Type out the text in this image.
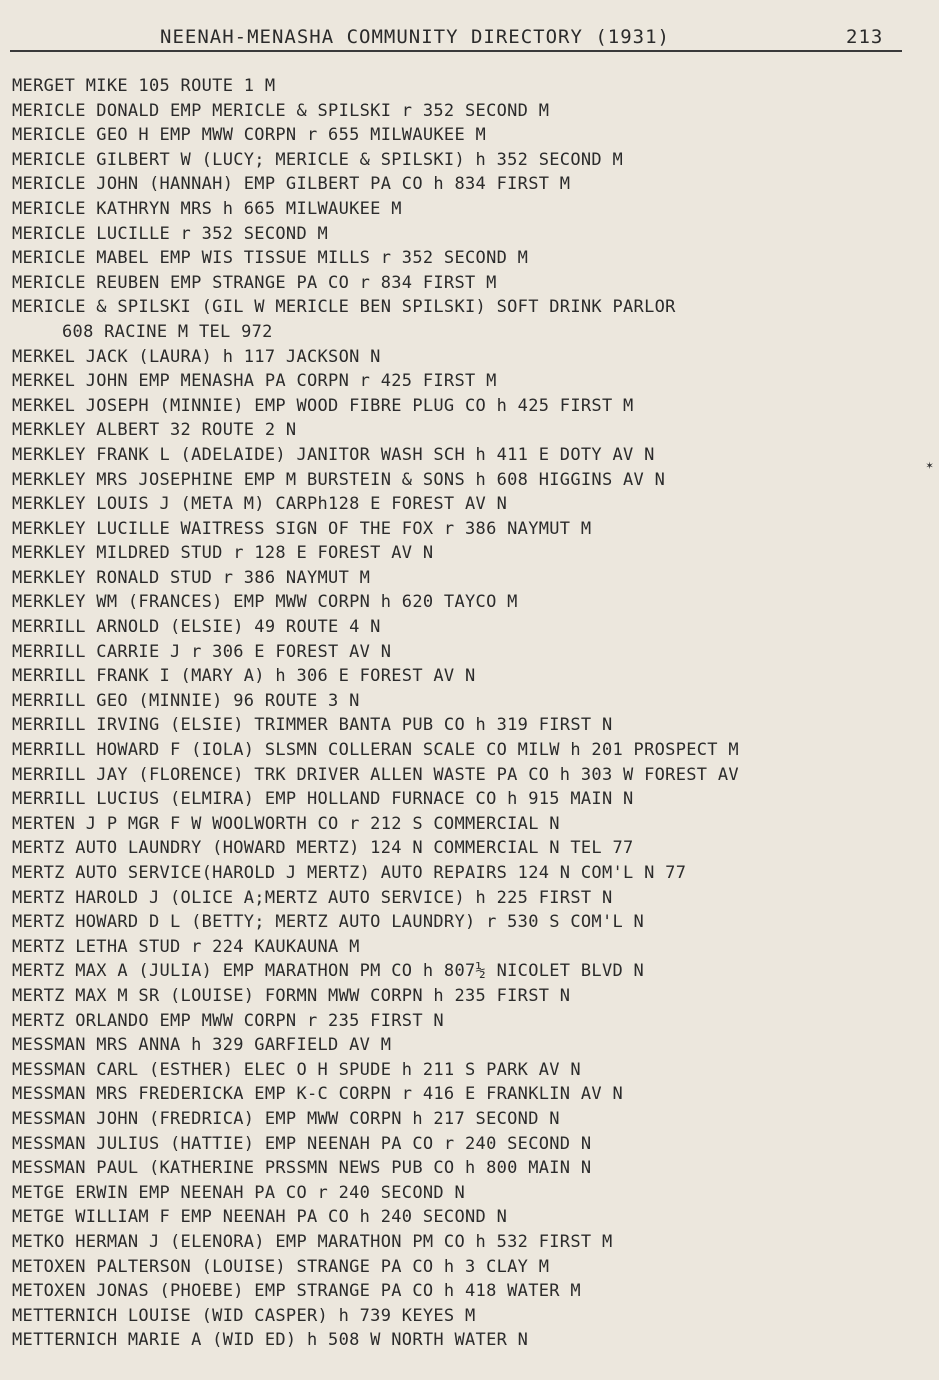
NEENAH-MENASHA COMMUNITY DIRECTORY (1931)	213
MERGET MIKE 105 ROUTE 1 M
MERICLE DONALD EMP MERICLE & SPILSKI r 352 SECOND M
MERICLE GEO H EMP MWW CORPN r 655 MILWAUKEE M
MERICLE GILBERT W (LUCY; MERICLE & SPILSKI) h 352 SECOND M
MERICLE JOHN (HANNAH) EMP GILBERT PA CO h 834 FIRST M
MERICLE KATHRYN MRS h 665 MILWAUKEE M
MERICLE LUCILLE r 352 SECOND M
MERICLE MABEL EMP WIS TISSUE MILLS r 352 SECOND M
MERICLE REUBEN EMP STRANGE PA CO r 834 FIRST M
MERICLE & SPILSKI (GIL W MERICLE BEN SPILSKI) SOFT DRINK PARLOR
608 RACINE M TEL 972
MERKEL JACK (LAURA) h 117 JACKSON N
MERKEL JOHN EMP MENASHA PA CORPN r 425 FIRST M
MERKEL JOSEPH (MINNIE) EMP WOOD FIBRE PLUG CO h 425 FIRST M
MERKLEY ALBERT 32 ROUTE 2 N
MERKLEY FRANK L (ADELAIDE) JANITOR WASH SCH h 411 E DOTY AV N
MERKLEY MRS JOSEPHINE EMP M BURSTEIN & SONS h 608 HIGGINS AV N
MERKLEY LOUIS J (META M) CARPh128 E FOREST AV N
MERKLEY LUCILLE WAITRESS SIGN OF THE FOX r 386 NAYMUT M
MERKLEY MILDRED STUD r 128 E FOREST AV N
MERKLEY RONALD STUD r 386 NAYMUT M
MERKLEY WM (FRANCES) EMP MWW CORPN h 620 TAYCO M
MERRILL ARNOLD (ELSIE) 49 ROUTE 4 N
MERRILL CARRIE J r 306 E FOREST AV N
MERRILL FRANK I (MARY A) h 306 E FOREST AV N
MERRILL GEO (MINNIE) 96 ROUTE 3 N
MERRILL IRVING (ELSIE) TRIMMER BANTA PUB CO h 319 FIRST N
MERRILL HOWARD F (IOLA) SLSMN COLLERAN SCALE CO MILW h 201 PROSPECT M
MERRILL JAY (FLORENCE) TRK DRIVER ALLEN WASTE PA CO h 303 W FOREST AV
MERRILL LUCIUS (ELMIRA) EMP HOLLAND FURNACE CO h 915 MAIN N
MERTEN J P MGR F W WOOLWORTH CO r 212 S COMMERCIAL N
MERTZ AUTO LAUNDRY (HOWARD MERTZ) 124 N COMMERCIAL N TEL 77
MERTZ AUTO SERVICE(HAROLD J MERTZ) AUTO REPAIRS 124 N COM'L N 77
MERTZ HAROLD J (OLICE A;MERTZ AUTO SERVICE) h 225 FIRST N
MERTZ HOWARD D L (BETTY; MERTZ AUTO LAUNDRY) r 530 S COM'L N
MERTZ LETHA STUD r 224 KAUKAUNA M
MERTZ MAX A (JULIA) EMP MARATHON PM CO h 807½ NICOLET BLVD N
MERTZ MAX M SR (LOUISE) FORMN MWW CORPN h 235 FIRST N
MERTZ ORLANDO EMP MWW CORPN r 235 FIRST N
MESSMAN MRS ANNA h 329 GARFIELD AV M
MESSMAN CARL (ESTHER) ELEC O H SPUDE h 211 S PARK AV N
MESSMAN MRS FREDERICKA EMP K-C CORPN r 416 E FRANKLIN AV N
MESSMAN JOHN (FREDRICA) EMP MWW CORPN h 217 SECOND N
MESSMAN JULIUS (HATTIE) EMP NEENAH PA CO r 240 SECOND N
MESSMAN PAUL (KATHERINE PRSSMN NEWS PUB CO h 800 MAIN N
METGE ERWIN EMP NEENAH PA CO r 240 SECOND N
METGE WILLIAM F EMP NEENAH PA CO h 240 SECOND N
METKO HERMAN J (ELENORA) EMP MARATHON PM CO h 532 FIRST M
METOXEN PALTERSON (LOUISE) STRANGE PA CO h 3 CLAY M
METOXEN JONAS (PHOEBE) EMP STRANGE PA CO h 418 WATER M
METTERNICH LOUISE (WID CASPER) h 739 KEYES M
METTERNICH MARIE A (WID ED) h 508 W NORTH WATER N
✶
